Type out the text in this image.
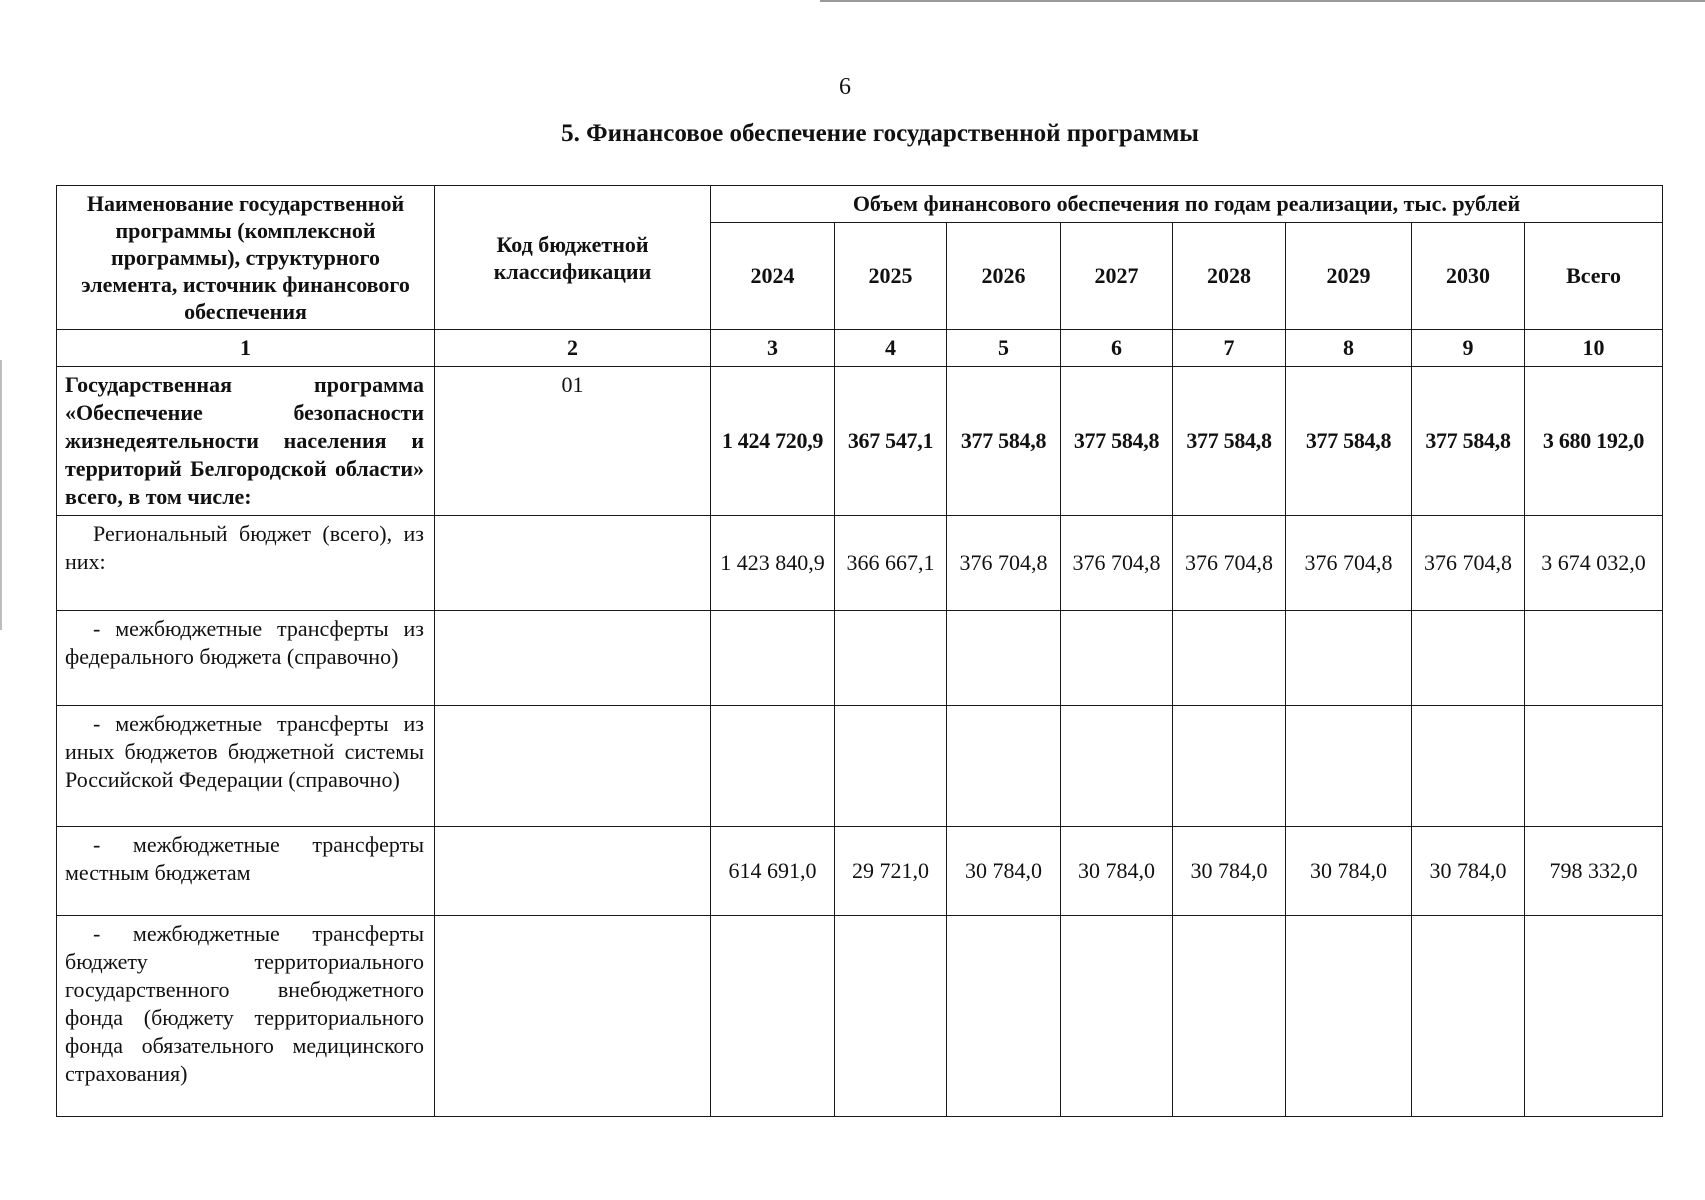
6
5. Финансовое обеспечение государственной программы
Наименование государственной программы (комплексной программы), структурного элемента, источник финансового обеспечения	Код бюджетной классификации	Объем финансового обеспечения по годам реализации, тыс. рублей							
		2024	2025	2026	2027	2028	2029	2030	Всего
1	2	3	4	5	6	7	8	9	10
Государственная программа «Обеспечение безопасности жизнедеятельности населения и территорий Белгородской области» всего, в том числе:	01	1 424 720,9	367 547,1	377 584,8	377 584,8	377 584,8	377 584,8	377 584,8	3 680 192,0
Региональный бюджет (всего), из них:		1 423 840,9	366 667,1	376 704,8	376 704,8	376 704,8	376 704,8	376 704,8	3 674 032,0
- межбюджетные трансферты из федерального бюджета (справочно)									
- межбюджетные трансферты из иных бюджетов бюджетной системы Российской Федерации (справочно)									
- межбюджетные трансферты местным бюджетам		614 691,0	29 721,0	30 784,0	30 784,0	30 784,0	30 784,0	30 784,0	798 332,0
- межбюджетные трансферты бюджету территориального государственного внебюджетного фонда (бюджету территориального фонда обязательного медицинского страхования)									
